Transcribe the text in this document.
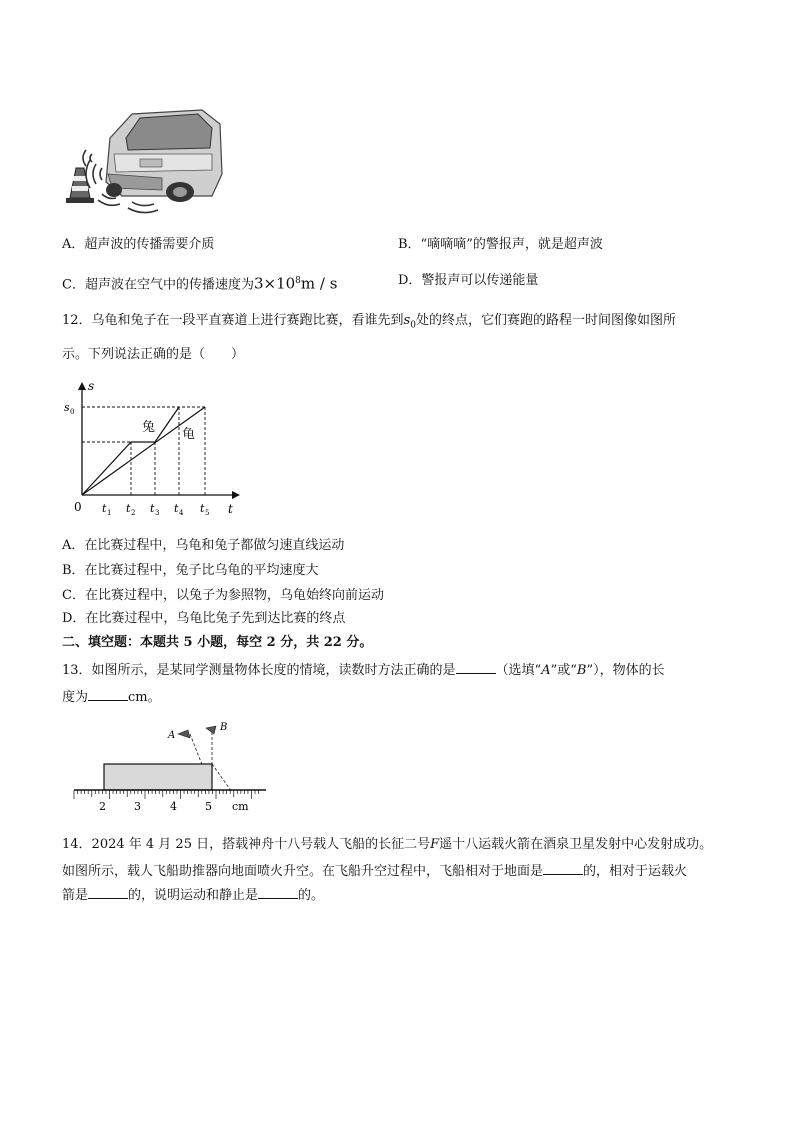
A．超声波的传播需要介质	B．“嘀嘀嘀”的警报声，就是超声波
C．超声波在空气中的传播速度为$3\times 10^8m / s$	D．警报声可以传递能量
12．乌龟和兔子在一段平直赛道上进行赛跑比赛，看谁先到$s_0$处的终点，它们赛跑的路程一时间图像如图所
示。下列说法正确的是（　　）
s
s 0
0	t
兔 龟
t t t t t
1	2	3	4	5
A．在比赛过程中，乌龟和兔子都做匀速直线运动
B．在比赛过程中，兔子比乌龟的平均速度大
C．在比赛过程中，以兔子为参照物，乌龟始终向前运动
D．在比赛过程中，乌龟比兔子先到达比赛的终点
二、填空题：本题共 5 小题，每空 2 分，共 22 分。
13．如图所示，是某同学测量物体长度的情境，读数时方法正确的是	（选填“A”或“B”），物体的长
度为	cm。
A
B
2	3	4	5 cm
14．2024 年 4 月 25 日，搭载神舟十八号载人飞船的长征二号F遥十八运载火箭在酒泉卫星发射中心发射成功。
如图所示，载人飞船助推器向地面喷火升空。在飞船升空过程中，飞船相对于地面是	的，相对于运载火
箭是	的，说明运动和静止是	的。
